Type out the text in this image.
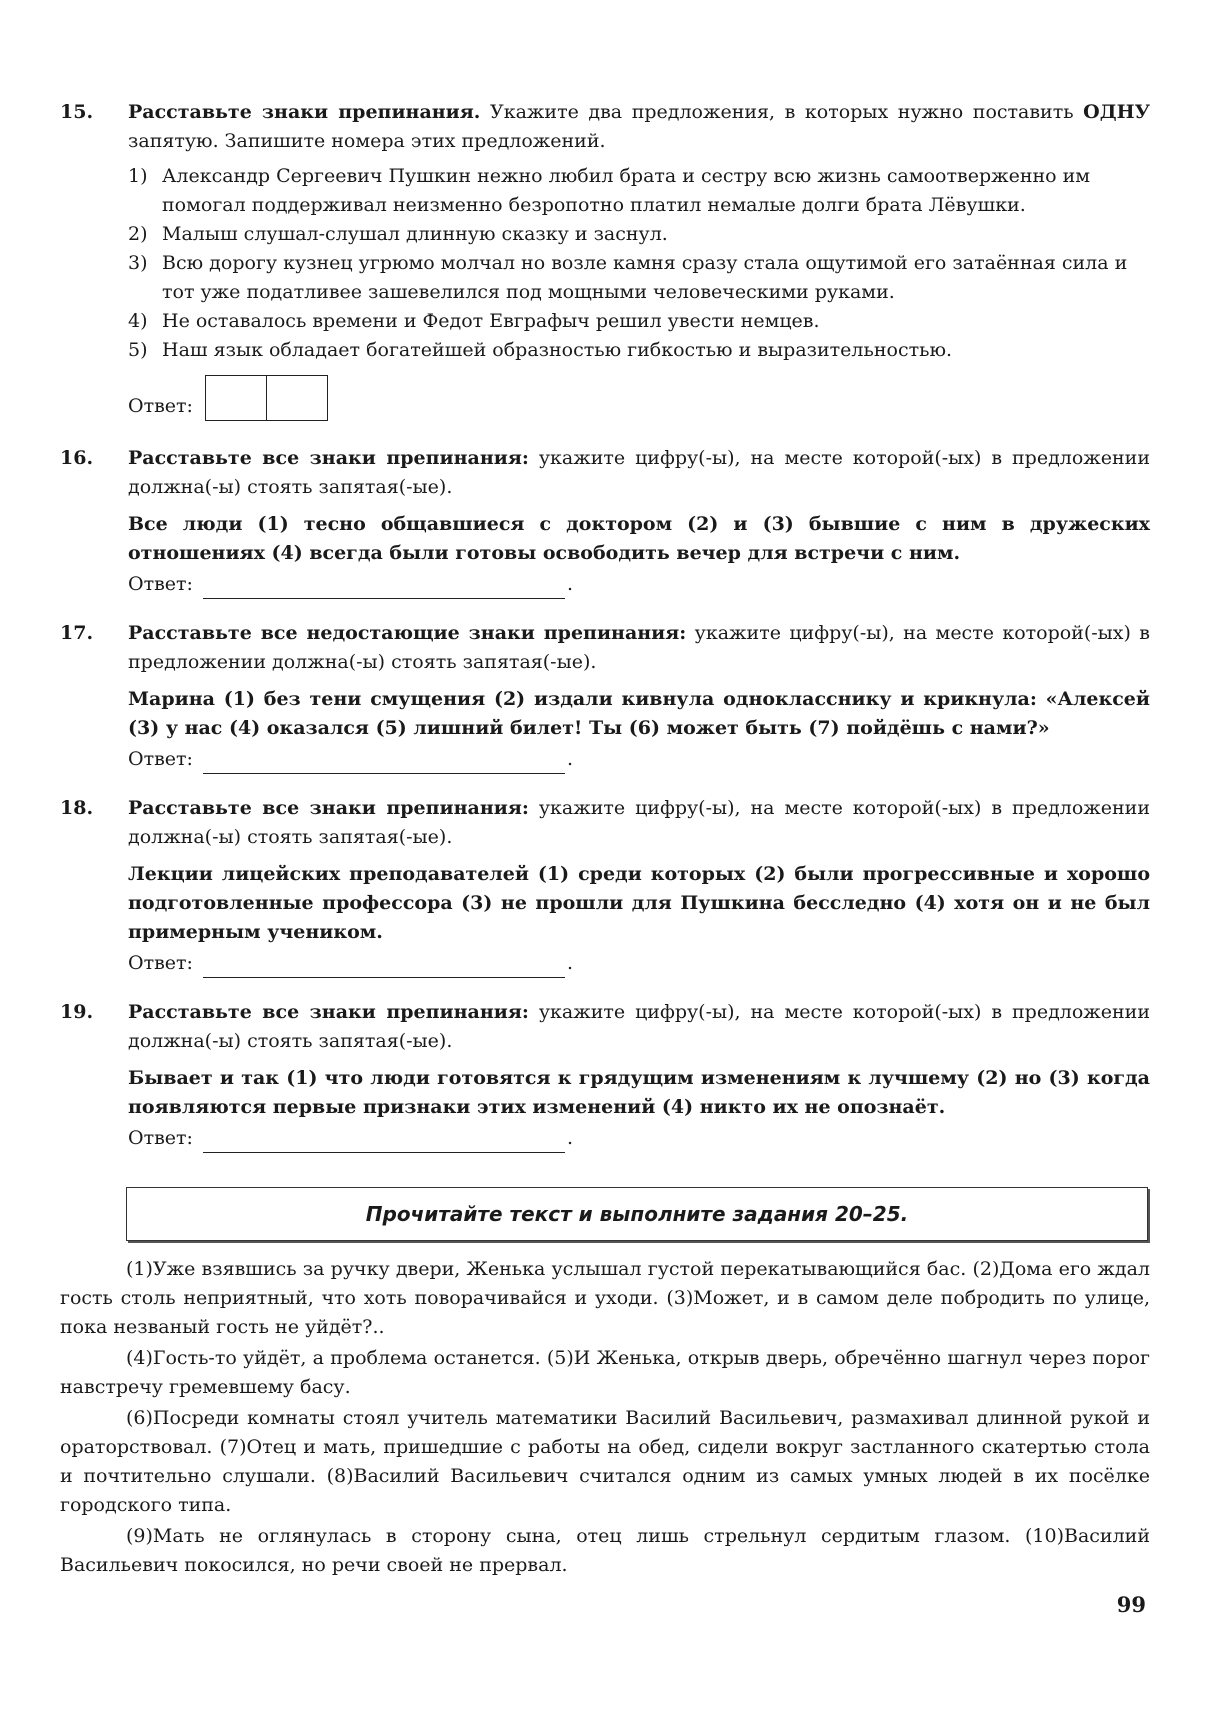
15. Расставьте знаки препинания. Укажите два предложения, в которых нужно поставить ОДНУ запятую. Запишите номера этих предложений.
1) Александр Сергеевич Пушкин нежно любил брата и сестру всю жизнь самоотверженно им помогал поддерживал неизменно безропотно платил немалые долги брата Лёвушки.
2) Малыш слушал-слушал длинную сказку и заснул.
3) Всю дорогу кузнец угрюмо молчал но возле камня сразу стала ощутимой его затаённая сила и тот уже податливее зашевелился под мощными человеческими руками.
4) Не оставалось времени и Федот Евграфыч решил увести немцев.
5) Наш язык обладает богатейшей образностью гибкостью и выразительностью.
Ответ:
16. Расставьте все знаки препинания: укажите цифру(-ы), на месте которой(-ых) в предложении должна(-ы) стоять запятая(-ые).
Все люди (1) тесно общавшиеся с доктором (2) и (3) бывшие с ним в дружеских отношениях (4) всегда были готовы освободить вечер для встречи с ним.
Ответ:	.
17. Расставьте все недостающие знаки препинания: укажите цифру(-ы), на месте которой(-ых) в предложении должна(-ы) стоять запятая(-ые).
Марина (1) без тени смущения (2) издали кивнула однокласснику и крикнула: «Алексей (3) у нас (4) оказался (5) лишний билет! Ты (6) может быть (7) пойдёшь с нами?»
Ответ:	.
18. Расставьте все знаки препинания: укажите цифру(-ы), на месте которой(-ых) в предложении должна(-ы) стоять запятая(-ые).
Лекции лицейских преподавателей (1) среди которых (2) были прогрессивные и хорошо подготовленные профессора (3) не прошли для Пушкина бесследно (4) хотя он и не был примерным учеником.
Ответ:	.
19. Расставьте все знаки препинания: укажите цифру(-ы), на месте которой(-ых) в предложении должна(-ы) стоять запятая(-ые).
Бывает и так (1) что люди готовятся к грядущим изменениям к лучшему (2) но (3) когда появляются первые признаки этих изменений (4) никто их не опознаёт.
Ответ:	.
Прочитайте текст и выполните задания 20–25.

(1)Уже взявшись за ручку двери, Женька услышал густой перекатывающийся бас. (2)Дома его ждал гость столь неприятный, что хоть поворачивайся и уходи. (3)Может, и в самом деле побродить по улице, пока незваный гость не уйдёт?..

(4)Гость-то уйдёт, а проблема останется. (5)И Женька, открыв дверь, обречённо шагнул через порог навстречу гремевшему басу.

(6)Посреди комнаты стоял учитель математики Василий Васильевич, размахивал длинной рукой и ораторствовал. (7)Отец и мать, пришедшие с работы на обед, сидели вокруг застланного скатертью стола и почтительно слушали. (8)Василий Васильевич считался одним из самых умных людей в их посёлке городского типа.

(9)Мать не оглянулась в сторону сына, отец лишь стрельнул сердитым глазом. (10)Василий Васильевич покосился, но речи своей не прервал.

99
